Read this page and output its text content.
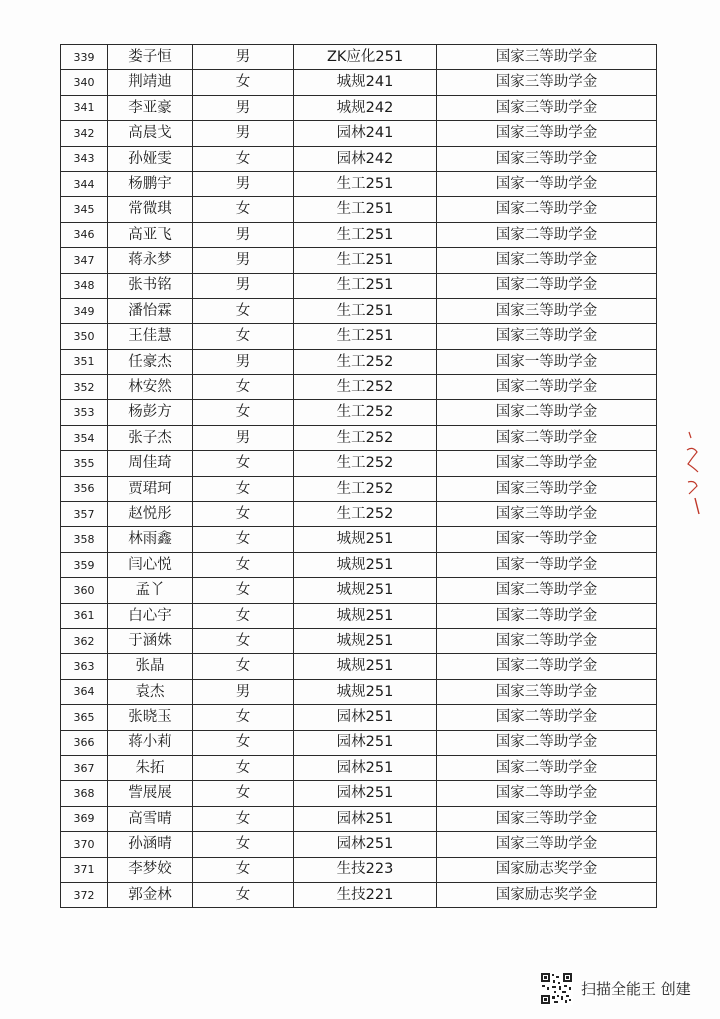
339	娄子恒	男	ZK应化251	国家三等助学金
340	荆靖迪	女	城规241	国家三等助学金
341	李亚豪	男	城规242	国家三等助学金
342	高晨戈	男	园林241	国家三等助学金
343	孙娅雯	女	园林242	国家三等助学金
344	杨鹏宇	男	生工251	国家一等助学金
345	常微琪	女	生工251	国家二等助学金
346	高亚飞	男	生工251	国家二等助学金
347	蒋永梦	男	生工251	国家二等助学金
348	张书铭	男	生工251	国家二等助学金
349	潘怡霖	女	生工251	国家三等助学金
350	王佳慧	女	生工251	国家三等助学金
351	任豪杰	男	生工252	国家一等助学金
352	林安然	女	生工252	国家二等助学金
353	杨彭方	女	生工252	国家二等助学金
354	张子杰	男	生工252	国家二等助学金
355	周佳琦	女	生工252	国家二等助学金
356	贾珺珂	女	生工252	国家三等助学金
357	赵悦彤	女	生工252	国家三等助学金
358	林雨鑫	女	城规251	国家一等助学金
359	闫心悦	女	城规251	国家一等助学金
360	孟丫	女	城规251	国家二等助学金
361	白心宇	女	城规251	国家二等助学金
362	于涵姝	女	城规251	国家二等助学金
363	张晶	女	城规251	国家二等助学金
364	袁杰	男	城规251	国家三等助学金
365	张晓玉	女	园林251	国家二等助学金
366	蒋小莉	女	园林251	国家二等助学金
367	朱拓	女	园林251	国家二等助学金
368	訾展展	女	园林251	国家二等助学金
369	高雪晴	女	园林251	国家三等助学金
370	孙涵晴	女	园林251	国家三等助学金
371	李梦姣	女	生技223	国家励志奖学金
372	郭金林	女	生技221	国家励志奖学金
扫描全能王 创建
